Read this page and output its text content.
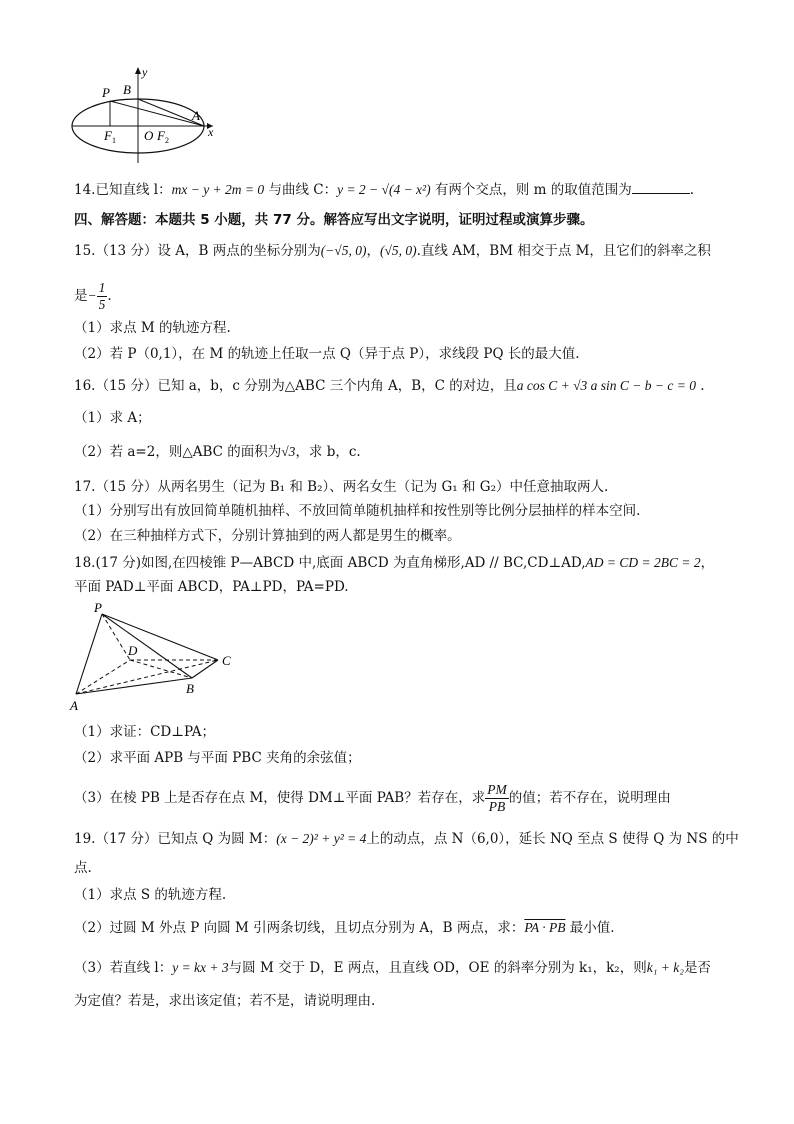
y
P B
A
x
F 1 O F 2
14.已知直线 l：mx − y + 2m = 0 与曲线 C：y = 2 − √(4 − x²) 有两个交点，则 m 的取值范围为	.
四、解答题：本题共 5 小题，共 77 分。解答应写出文字说明，证明过程或演算步骤。
15.（13 分）设 A，B 两点的坐标分别为(−√5, 0)，(√5, 0).直线 AM，BM 相交于点 M，且它们的斜率之积
是− $\frac{1}{5}$ .
（1）求点 M 的轨迹方程.
（2）若 P（0,1），在 M 的轨迹上任取一点 Q（异于点 P），求线段 PQ 长的最大值.
16.（15 分）已知 a，b，c 分别为△ABC 三个内角 A，B，C 的对边，且a cos C + √3 a sin C − b − c = 0 .
（1）求 A；
（2）若 a=2，则△ABC 的面积为√3，求 b，c.
17.（15 分）从两名男生（记为 B₁ 和 B₂）、两名女生（记为 G₁ 和 G₂）中任意抽取两人.
（1）分别写出有放回简单随机抽样、不放回简单随机抽样和按性别等比例分层抽样的样本空间.
（2）在三种抽样方式下，分别计算抽到的两人都是男生的概率。
18.(17 分)如图,在四棱锥 P—ABCD 中,底面 ABCD 为直角梯形,AD // BC,CD⊥AD,AD = CD = 2BC = 2，
平面 PAD⊥平面 ABCD，PA⊥PD，PA=PD.
P
D
C
B
A
（1）求证：CD⊥PA；
（2）求平面 APB 与平面 PBC 夹角的余弦值；
（3）在棱 PB 上是否存在点 M，使得 DM⊥平面 PAB？若存在，求 $\frac{PM}{PB}$ 的值；若不存在，说明理由
19.（17 分）已知点 Q 为圆 M：(x − 2)² + y² = 4上的动点，点 N（6,0），延长 NQ 至点 S 使得 Q 为 NS 的中
点.
（1）求点 S 的轨迹方程.
（2）过圆 M 外点 P 向圆 M 引两条切线，且切点分别为 A，B 两点，求：PA · PB 最小值.
（3）若直线 l：y = kx + 3与圆 M 交于 D，E 两点，且直线 OD，OE 的斜率分别为 k₁，k₂，则k₁ + k₂是否
为定值？若是，求出该定值；若不是，请说明理由.
